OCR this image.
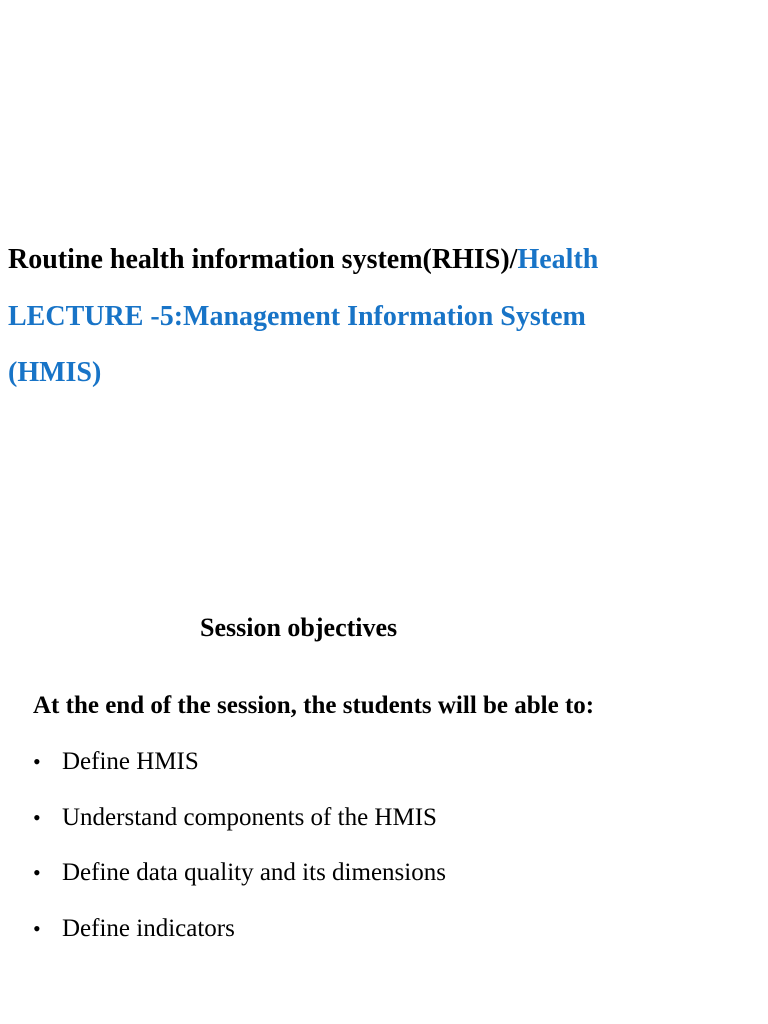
Routine health information system(RHIS)/Health
LECTURE -5:Management Information System
(HMIS)
Session objectives

At the end of the session, the students will be able to:

• Define HMIS
• Understand components of the HMIS
• Define data quality and its dimensions
• Define indicators
